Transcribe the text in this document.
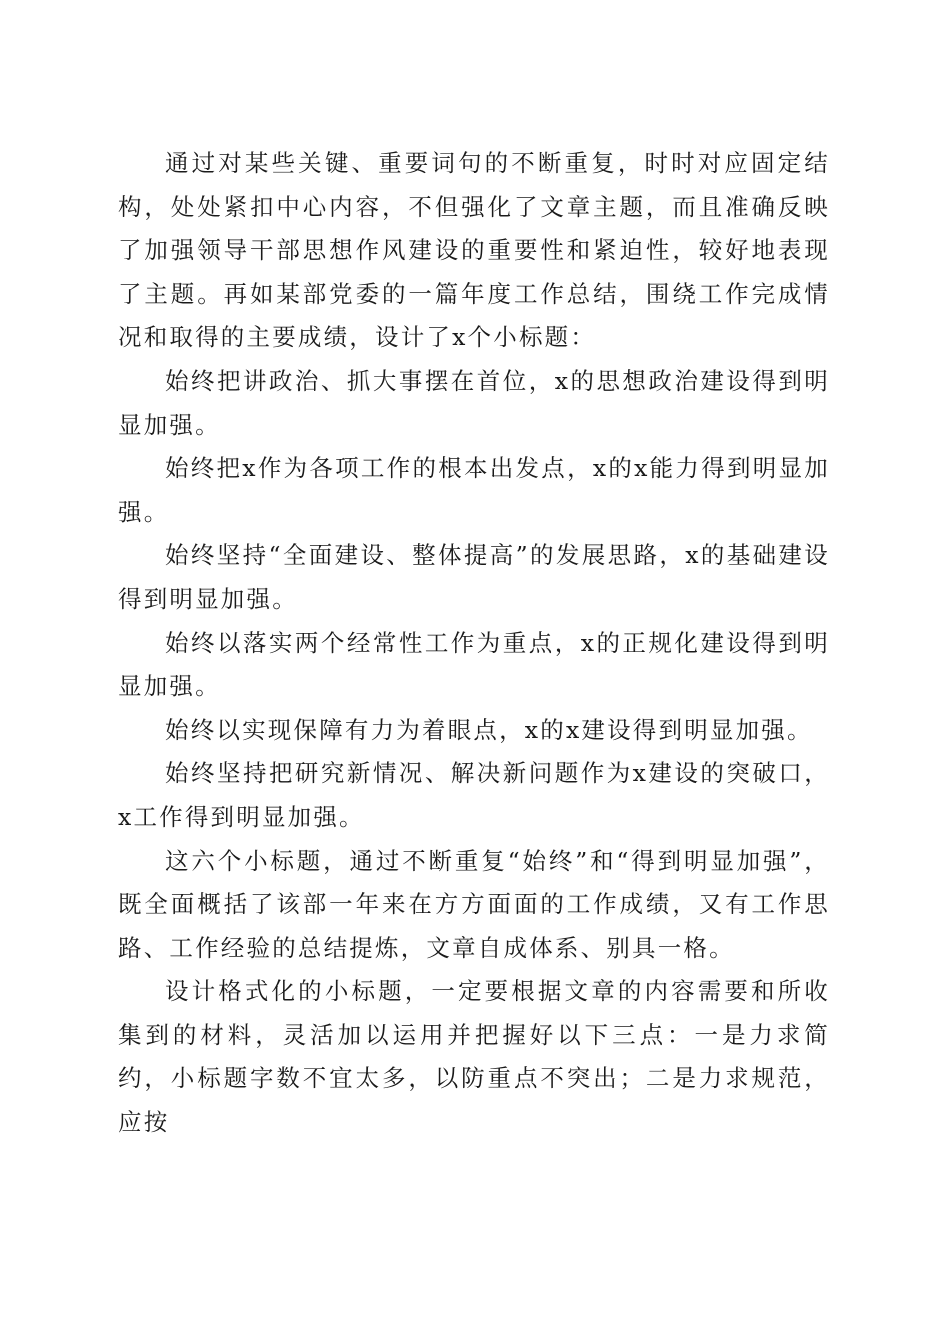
通过对某些关键、重要词句的不断重复，时时对应固定结构，处处紧扣中心内容，不但强化了文章主题，而且准确反映了加强领导干部思想作风建设的重要性和紧迫性，较好地表现了主题。再如某部党委的一篇年度工作总结，围绕工作完成情况和取得的主要成绩，设计了x个小标题：

始终把讲政治、抓大事摆在首位，x的思想政治建设得到明显加强。

始终把x作为各项工作的根本出发点，x的x能力得到明显加强。

始终坚持“全面建设、整体提高”的发展思路，x的基础建设得到明显加强。

始终以落实两个经常性工作为重点，x的正规化建设得到明显加强。

始终以实现保障有力为着眼点，x的x建设得到明显加强。

始终坚持把研究新情况、解决新问题作为x建设的突破口，x工作得到明显加强。

这六个小标题，通过不断重复“始终”和“得到明显加强”，既全面概括了该部一年来在方方面面的工作成绩，又有工作思路、工作经验的总结提炼，文章自成体系、别具一格。

设计格式化的小标题，一定要根据文章的内容需要和所收集到的材料，灵活加以运用并把握好以下三点：一是力求简约，小标题字数不宜太多，以防重点不突出；二是力求规范，应按
